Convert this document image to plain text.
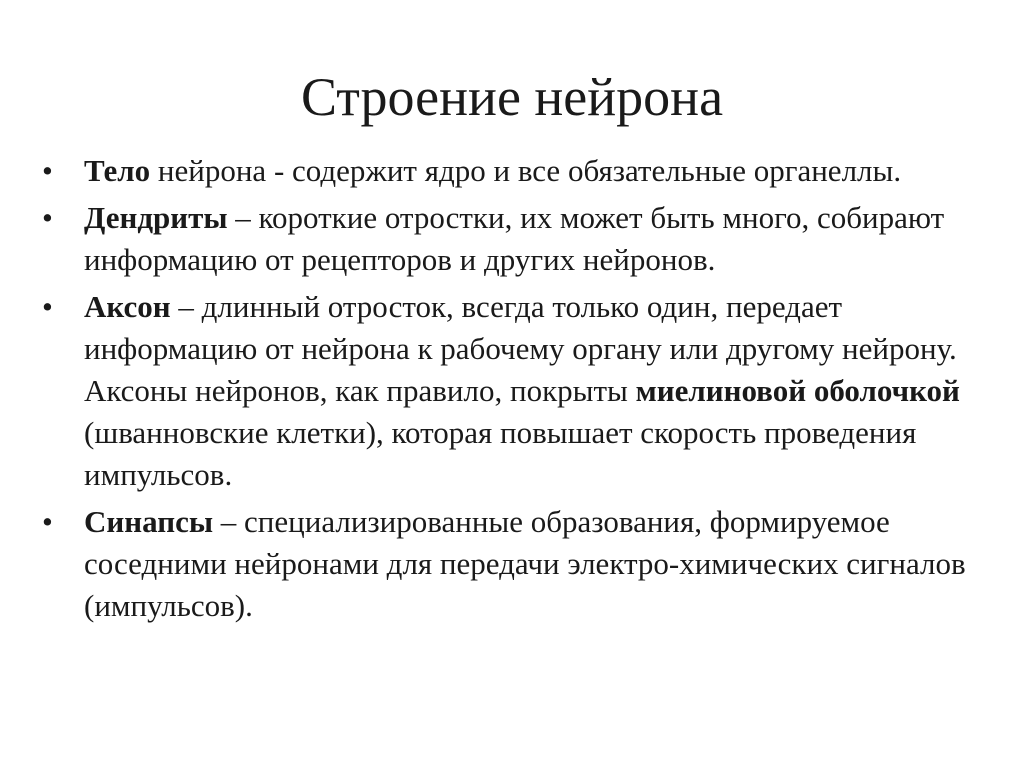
Строение нейрона
•	Тело нейрона - содержит ядро и все обязательные органеллы.
•	Дендриты – короткие отростки, их может быть много, собирают информацию от рецепторов и других нейронов.
•	Аксон – длинный отросток, всегда только один, передает информацию от нейрона к рабочему органу или другому нейрону. Аксоны нейронов, как правило, покрыты миелиновой оболочкой (шванновские клетки), которая повышает скорость проведения импульсов.
•	Синапсы – специализированные образования, формируемое соседними нейронами для передачи электро-химических сигналов (импульсов).
